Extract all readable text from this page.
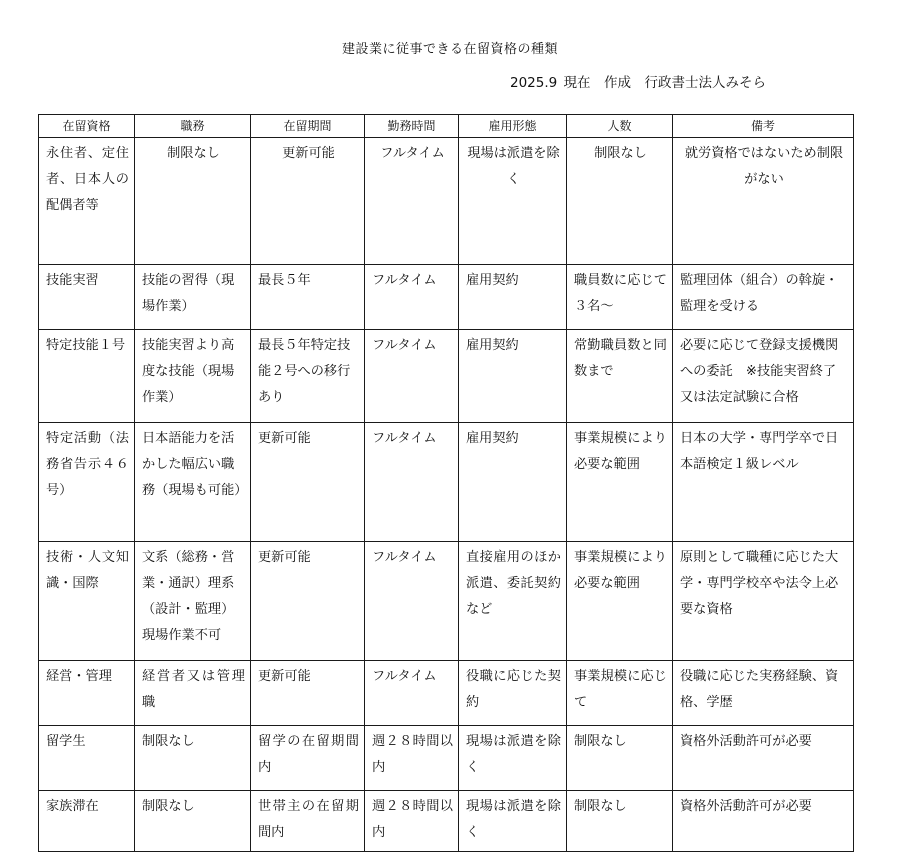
建設業に従事できる在留資格の種類
2025.9 現在　作成　行政書士法人みそら
在留資格	職務	在留期間	勤務時間	雇用形態	人数	備考
永住者、定住者、日本人の配偶者等	制限なし	更新可能	フルタイム	現場は派遣を除く	制限なし	就労資格ではないため制限がない
技能実習	技能の習得（現場作業）	最長５年	フルタイム	雇用契約	職員数に応じて３名～	監理団体（組合）の斡旋・監理を受ける
特定技能１号	技能実習より高度な技能（現場作業）	最長５年特定技能２号への移行あり	フルタイム	雇用契約	常勤職員数と同数まで	必要に応じて登録支援機関への委託　※技能実習終了又は法定試験に合格
特定活動（法務省告示４６号）	日本語能力を活かした幅広い職務（現場も可能）	更新可能	フルタイム	雇用契約	事業規模により必要な範囲	日本の大学・専門学卒で日本語検定１級レベル
技術・人文知識・国際	文系（総務・営業・通訳）理系（設計・監理）現場作業不可	更新可能	フルタイム	直接雇用のほか派遣、委託契約など	事業規模により必要な範囲	原則として職種に応じた大学・専門学校卒や法令上必要な資格
経営・管理	経営者又は管理職	更新可能	フルタイム	役職に応じた契約	事業規模に応じて	役職に応じた実務経験、資格、学歴
留学生	制限なし	留学の在留期間内	週２８時間以内	現場は派遣を除く	制限なし	資格外活動許可が必要
家族滞在	制限なし	世帯主の在留期間内	週２８時間以内	現場は派遣を除く	制限なし	資格外活動許可が必要
